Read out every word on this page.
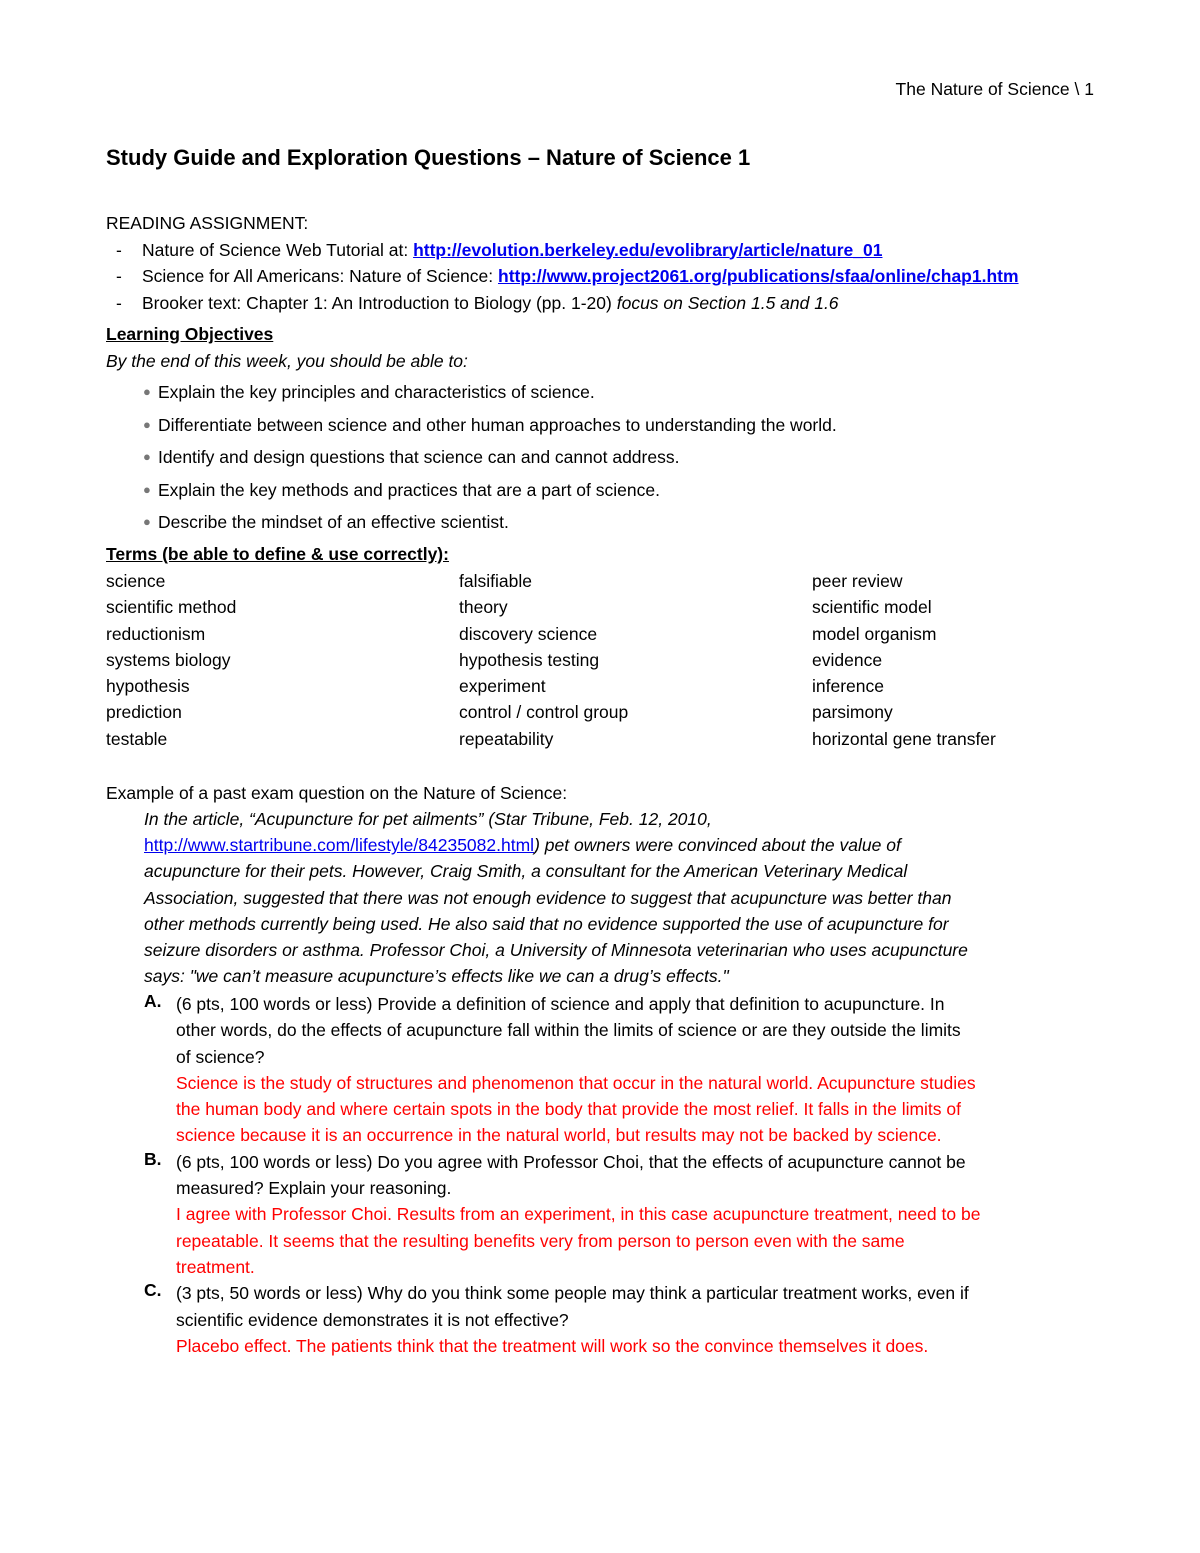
The Nature of Science \ 1
Study Guide and Exploration Questions – Nature of Science 1
READING ASSIGNMENT:
- Nature of Science Web Tutorial at: http://evolution.berkeley.edu/evolibrary/article/nature_01
- Science for All Americans: Nature of Science: http://www.project2061.org/publications/sfaa/online/chap1.htm
- Brooker text: Chapter 1: An Introduction to Biology (pp. 1-20) focus on Section 1.5 and 1.6
Learning Objectives
By the end of this week, you should be able to:
● Explain the key principles and characteristics of science.
● Differentiate between science and other human approaches to understanding the world.
● Identify and design questions that science can and cannot address.
● Explain the key methods and practices that are a part of science.
● Describe the mindset of an effective scientist.
Terms (be able to define & use correctly):
science	falsifiable	peer review
scientific method	theory	scientific model
reductionism	discovery science	model organism
systems biology	hypothesis testing	evidence
hypothesis	experiment	inference
prediction	control / control group	parsimony
testable	repeatability	horizontal gene transfer
Example of a past exam question on the Nature of Science:
In the article, “Acupuncture for pet ailments” (Star Tribune, Feb. 12, 2010,
http://www.startribune.com/lifestyle/84235082.html) pet owners were convinced about the value of
acupuncture for their pets. However, Craig Smith, a consultant for the American Veterinary Medical
Association, suggested that there was not enough evidence to suggest that acupuncture was better than
other methods currently being used. He also said that no evidence supported the use of acupuncture for
seizure disorders or asthma. Professor Choi, a University of Minnesota veterinarian who uses acupuncture
says: "we can’t measure acupuncture’s effects like we can a drug’s effects."
A. (6 pts, 100 words or less) Provide a definition of science and apply that definition to acupuncture. In
other words, do the effects of acupuncture fall within the limits of science or are they outside the limits
of science?
Science is the study of structures and phenomenon that occur in the natural world. Acupuncture studies
the human body and where certain spots in the body that provide the most relief. It falls in the limits of
science because it is an occurrence in the natural world, but results may not be backed by science.
B. (6 pts, 100 words or less) Do you agree with Professor Choi, that the effects of acupuncture cannot be
measured? Explain your reasoning.
I agree with Professor Choi. Results from an experiment, in this case acupuncture treatment, need to be
repeatable. It seems that the resulting benefits very from person to person even with the same
treatment.
C. (3 pts, 50 words or less) Why do you think some people may think a particular treatment works, even if
scientific evidence demonstrates it is not effective?
Placebo effect. The patients think that the treatment will work so the convince themselves it does.
